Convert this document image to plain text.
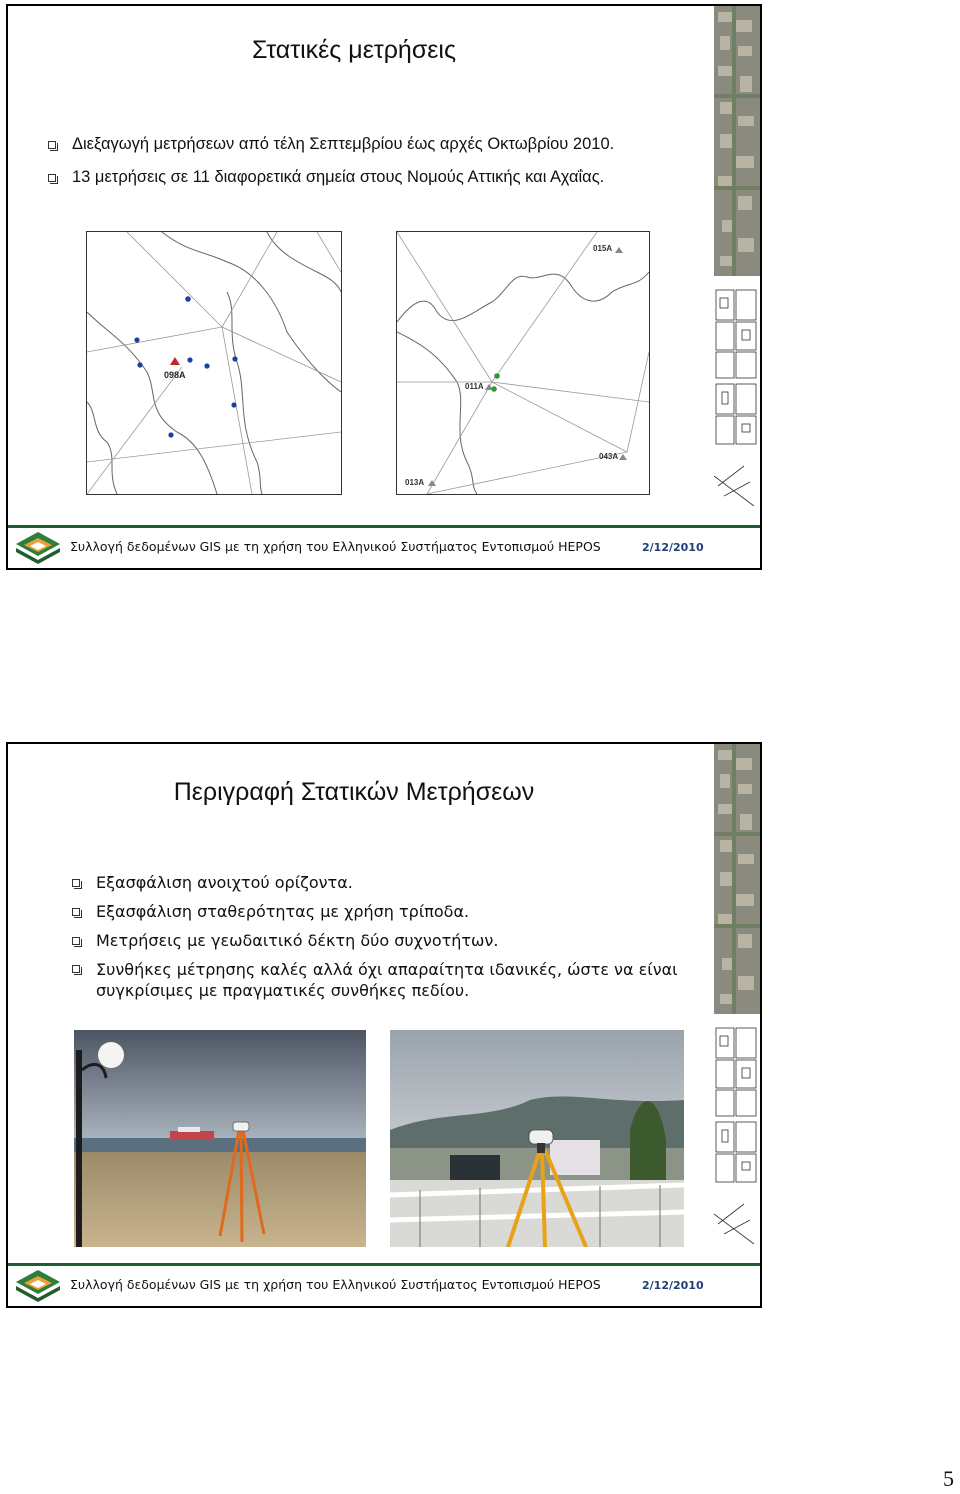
Στατικές μετρήσεις
Διεξαγωγή μετρήσεων από τέλη Σεπτεμβρίου έως αρχές Οκτωβρίου 2010.
13 μετρήσεις σε 11 διαφορετικά σημεία στους Νομούς Αττικής και Αχαΐας.
098A
015A
011A
043A
013A
Συλλογή δεδομένων GIS με τη χρήση του Ελληνικού Συστήματος Εντοπισμού HEPOS	2/12/2010
Περιγραφή Στατικών Μετρήσεων
Εξασφάλιση ανοιχτού ορίζοντα.
Εξασφάλιση σταθερότητας με χρήση τρίποδα.
Μετρήσεις με γεωδαιτικό δέκτη δύο συχνοτήτων.
Συνθήκες μέτρησης καλές αλλά όχι απαραίτητα ιδανικές, ώστε να είναι
συγκρίσιμες με πραγματικές συνθήκες πεδίου.
Συλλογή δεδομένων GIS με τη χρήση του Ελληνικού Συστήματος Εντοπισμού HEPOS	2/12/2010
5
